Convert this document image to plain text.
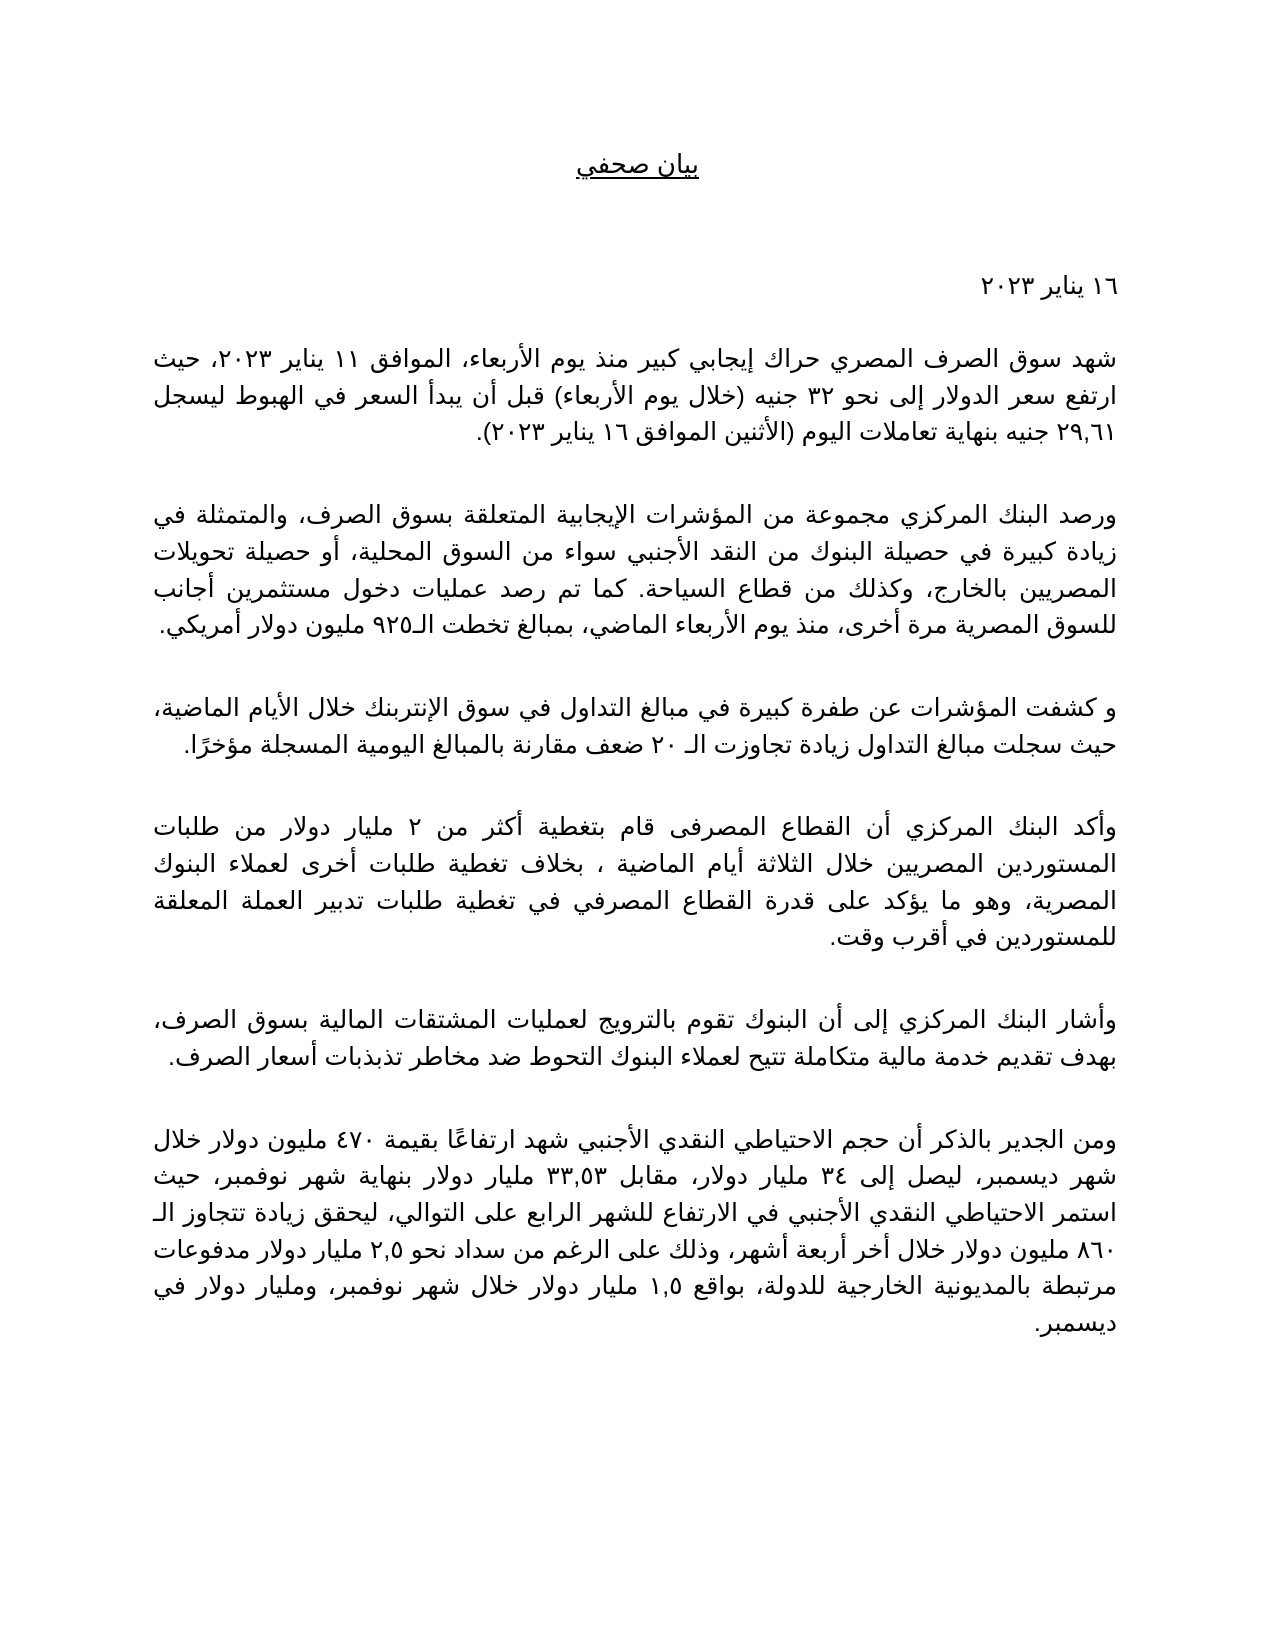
بيان صحفي
١٦ يناير ٢٠٢٣

شهد سوق الصرف المصري حراك إيجابي كبير منذ يوم الأربعاء، الموافق ١١ يناير ٢٠٢٣، حيث ارتفع سعر الدولار إلى نحو ٣٢ جنيه (خلال يوم الأربعاء) قبل أن يبدأ السعر في الهبوط ليسجل ٢٩,٦١ جنيه بنهاية تعاملات اليوم (الأثنين الموافق ١٦ يناير ٢٠٢٣).

ورصد البنك المركزي مجموعة من المؤشرات الإيجابية المتعلقة بسوق الصرف، والمتمثلة في زيادة كبيرة في حصيلة البنوك من النقد الأجنبي سواء من السوق المحلية، أو حصيلة تحويلات المصريين بالخارج، وكذلك من قطاع السياحة. كما تم رصد عمليات دخول مستثمرين أجانب للسوق المصرية مرة أخرى، منذ يوم الأربعاء الماضي، بمبالغ تخطت الـ٩٢٥ مليون دولار أمريكي.

و كشفت المؤشرات عن طفرة كبيرة في مبالغ التداول في سوق الإنتربنك خلال الأيام الماضية، حيث سجلت مبالغ التداول زيادة تجاوزت الـ ٢٠ ضعف مقارنة بالمبالغ اليومية المسجلة مؤخرًا.

وأكد البنك المركزي أن القطاع المصرفى قام بتغطية أكثر من ٢ مليار دولار من طلبات المستوردين المصريين خلال الثلاثة أيام الماضية ، بخلاف تغطية طلبات أخرى لعملاء البنوك المصرية، وهو ما يؤكد على قدرة القطاع المصرفي في تغطية طلبات تدبير العملة المعلقة للمستوردين في أقرب وقت.

وأشار البنك المركزي إلى أن البنوك تقوم بالترويج لعمليات المشتقات المالية بسوق الصرف، بهدف تقديم خدمة مالية متكاملة تتيح لعملاء البنوك التحوط ضد مخاطر تذبذبات أسعار الصرف.

ومن الجدير بالذكر أن حجم الاحتياطي النقدي الأجنبي شهد ارتفاعًا بقيمة ٤٧٠ مليون دولار خلال شهر ديسمبر، ليصل إلى ٣٤ مليار دولار، مقابل ٣٣,٥٣ مليار دولار بنهاية شهر نوفمبر، حيث استمر الاحتياطي النقدي الأجنبي في الارتفاع للشهر الرابع على التوالي، ليحقق زيادة تتجاوز الـ ٨٦٠ مليون دولار خلال أخر أربعة أشهر، وذلك على الرغم من سداد نحو ٢,٥ مليار دولار مدفوعات مرتبطة بالمديونية الخارجية للدولة، بواقع ١,٥ مليار دولار خلال شهر نوفمبر، ومليار دولار في ديسمبر.
